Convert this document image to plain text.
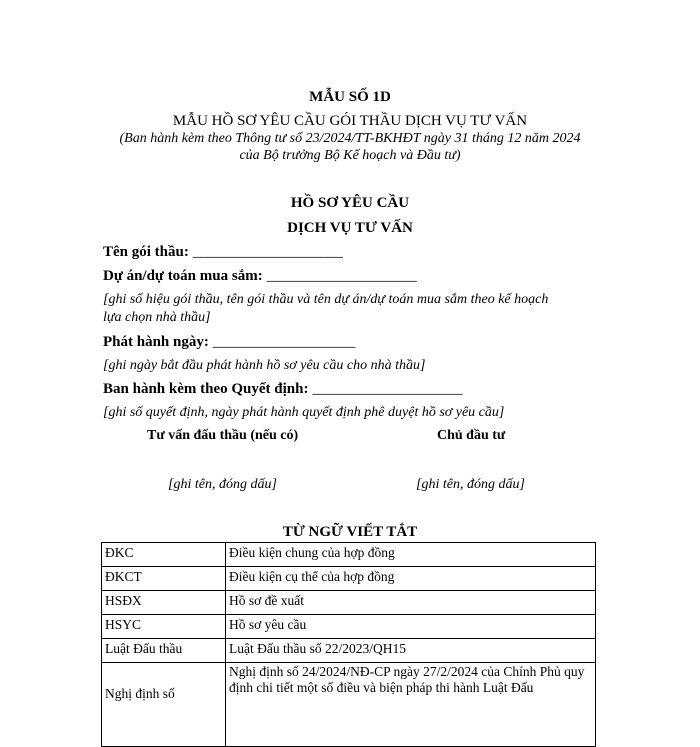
MẪU SỐ 1D
MẪU HỒ SƠ YÊU CẦU GÓI THẦU DỊCH VỤ TƯ VẤN
(Ban hành kèm theo Thông tư số 23/2024/TT-BKHĐT ngày 31 tháng 12 năm 2024
của Bộ trưởng Bộ Kế hoạch và Đầu tư)
HỒ SƠ YÊU CẦU
DỊCH VỤ TƯ VẤN
Tên gói thầu: ____________________
Dự án/dự toán mua sắm: ____________________
[ghi số hiệu gói thầu, tên gói thầu và tên dự án/dự toán mua sắm theo kế hoạch
lựa chọn nhà thầu]
Phát hành ngày: ___________________
[ghi ngày bắt đầu phát hành hồ sơ yêu cầu cho nhà thầu]
Ban hành kèm theo Quyết định: ____________________
[ghi số quyết định, ngày phát hành quyết định phê duyệt hồ sơ yêu cầu]
Tư vấn đấu thầu (nếu có)	Chủ đầu tư
[ghi tên, đóng dấu]	[ghi tên, đóng dấu]
TỪ NGỮ VIẾT TẮT
ĐKC	Điều kiện chung của hợp đồng
ĐKCT	Điều kiện cụ thể của hợp đồng
HSĐX	Hồ sơ đề xuất
HSYC	Hồ sơ yêu cầu
Luật Đấu thầu	Luật Đấu thầu số 22/2023/QH15
Nghị định số	Nghị định số 24/2024/NĐ-CP ngày 27/2/2024 của Chính Phủ quy định chi tiết một số điều và biện pháp thi hành Luật Đấu
